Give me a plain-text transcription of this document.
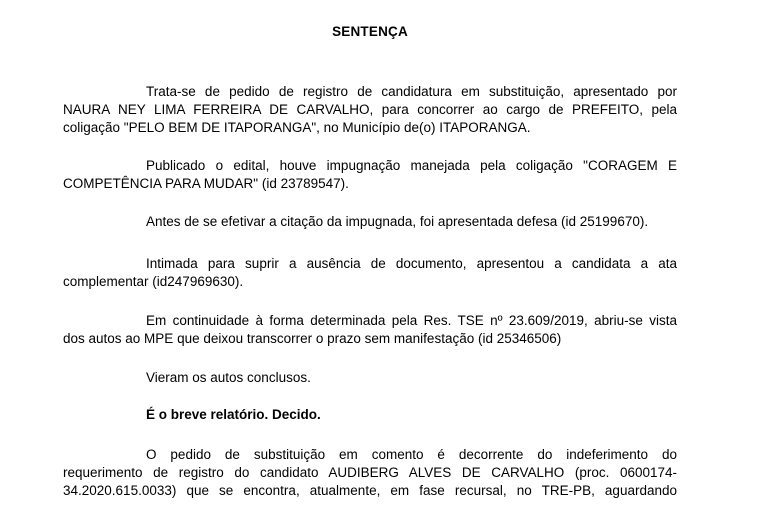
SENTENÇA
Trata-se de pedido de registro de candidatura em substituição, apresentado por
NAURA NEY LIMA FERREIRA DE CARVALHO, para concorrer ao cargo de PREFEITO, pela
coligação "PELO BEM DE ITAPORANGA", no Município de(o) ITAPORANGA.
Publicado o edital, houve impugnação manejada pela coligação "CORAGEM E
COMPETÊNCIA PARA MUDAR" (id 23789547).
Antes de se efetivar a citação da impugnada, foi apresentada defesa (id 25199670).
Intimada para suprir a ausência de documento, apresentou a candidata a ata
complementar (id247969630).
Em continuidade à forma determinada pela Res. TSE nº 23.609/2019, abriu-se vista
dos autos ao MPE que deixou transcorrer o prazo sem manifestação (id 25346506)
Vieram os autos conclusos.
É o breve relatório. Decido.
O pedido de substituição em comento é decorrente do indeferimento do
requerimento de registro do candidato AUDIBERG ALVES DE CARVALHO (proc. 0600174-
34.2020.615.0033) que se encontra, atualmente, em fase recursal, no TRE-PB, aguardando
